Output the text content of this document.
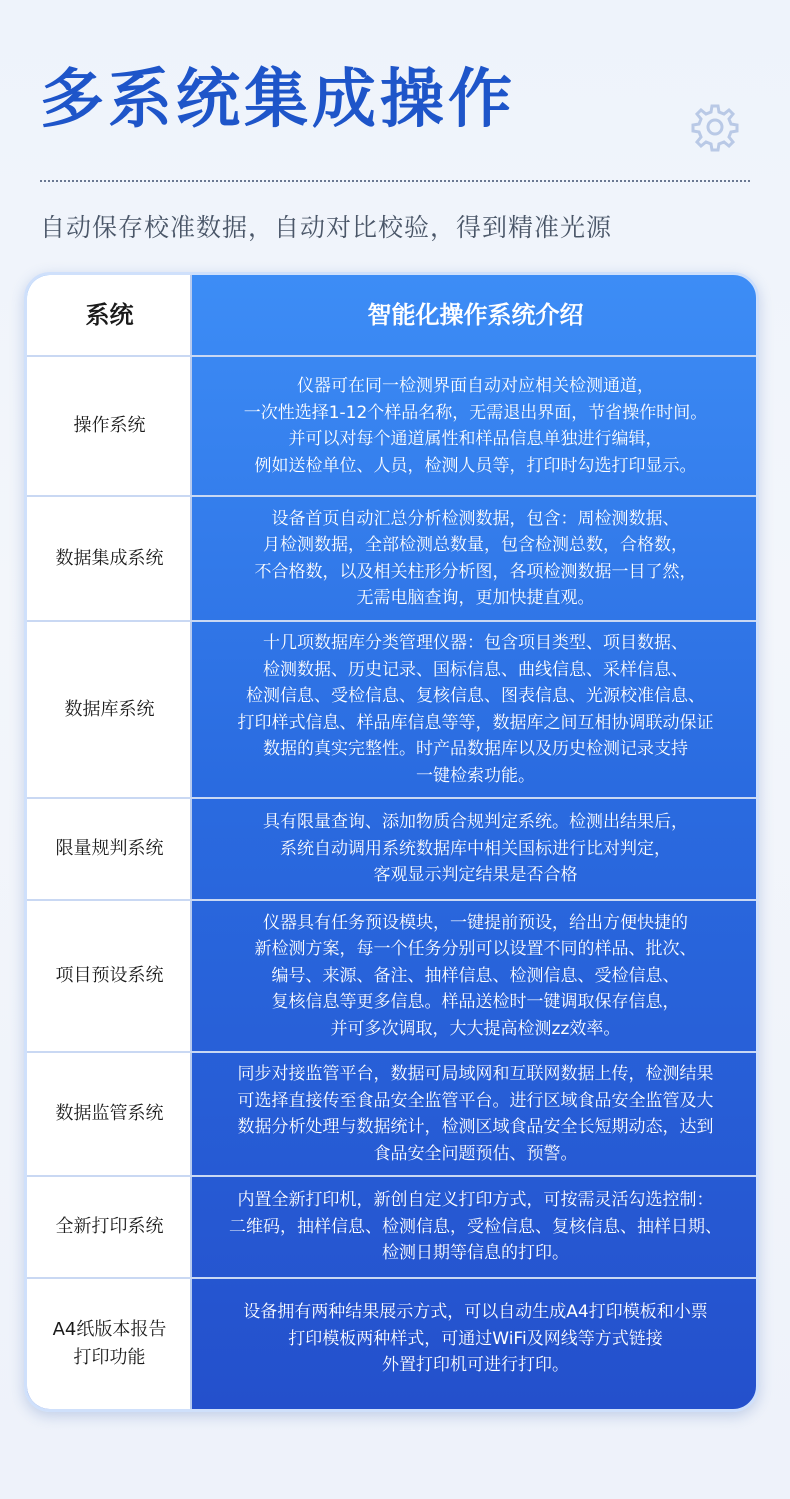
多系统集成操作
自动保存校准数据，自动对比校验，得到精准光源
系统	智能化操作系统介绍
操作系统
仪器可在同一检测界面自动对应相关检测通道，
一次性选择1-12个样品名称，无需退出界面，节省操作时间。
并可以对每个通道属性和样品信息单独进行编辑，
例如送检单位、人员，检测人员等，打印时勾选打印显示。
数据集成系统
设备首页自动汇总分析检测数据，包含：周检测数据、
月检测数据，全部检测总数量，包含检测总数，合格数，
不合格数，以及相关柱形分析图，各项检测数据一目了然，
无需电脑查询，更加快捷直观。
数据库系统
十几项数据库分类管理仪器：包含项目类型、项目数据、
检测数据、历史记录、国标信息、曲线信息、采样信息、
检测信息、受检信息、复核信息、图表信息、光源校准信息、
打印样式信息、样品库信息等等，数据库之间互相协调联动保证
数据的真实完整性。时产品数据库以及历史检测记录支持
一键检索功能。
限量规判系统
具有限量查询、添加物质合规判定系统。检测出结果后，
系统自动调用系统数据库中相关国标进行比对判定，
客观显示判定结果是否合格
项目预设系统
仪器具有任务预设模块，一键提前预设，给出方便快捷的
新检测方案，每一个任务分别可以设置不同的样品、批次、
编号、来源、备注、抽样信息、检测信息、受检信息、
复核信息等更多信息。样品送检时一键调取保存信息，
并可多次调取，大大提高检测zz效率。
数据监管系统
同步对接监管平台，数据可局域网和互联网数据上传，检测结果
可选择直接传至食品安全监管平台。进行区域食品安全监管及大
数据分析处理与数据统计，检测区域食品安全长短期动态，达到
食品安全问题预估、预警。
全新打印系统
内置全新打印机，新创自定义打印方式，可按需灵活勾选控制：
二维码，抽样信息、检测信息，受检信息、复核信息、抽样日期、
检测日期等信息的打印。
A4纸版本报告
打印功能
设备拥有两种结果展示方式，可以自动生成A4打印模板和小票
打印模板两种样式，可通过WiFi及网线等方式链接
外置打印机可进行打印。
